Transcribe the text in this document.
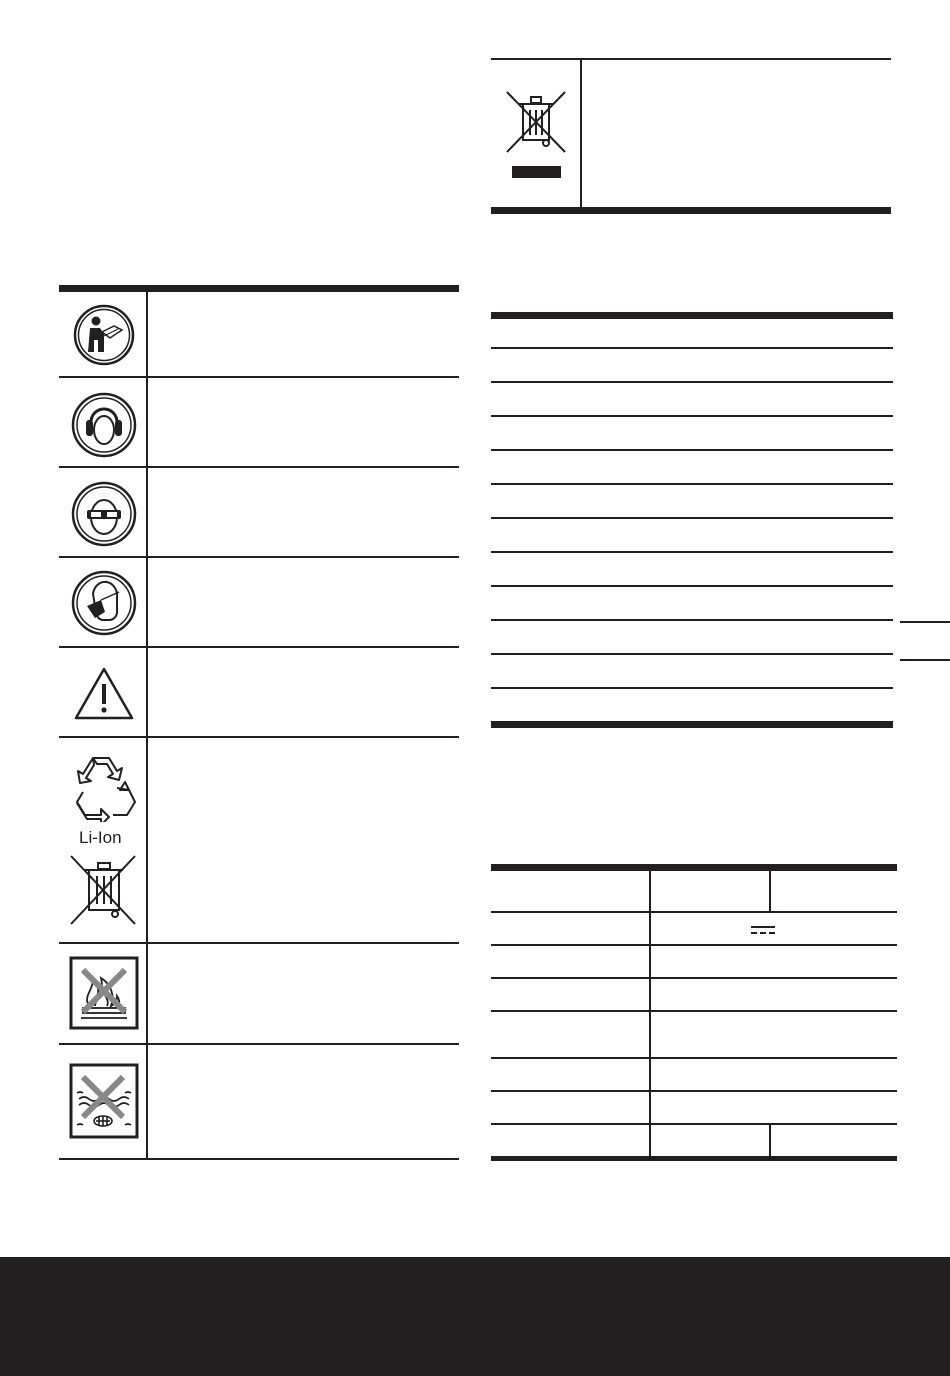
Li-Ion
